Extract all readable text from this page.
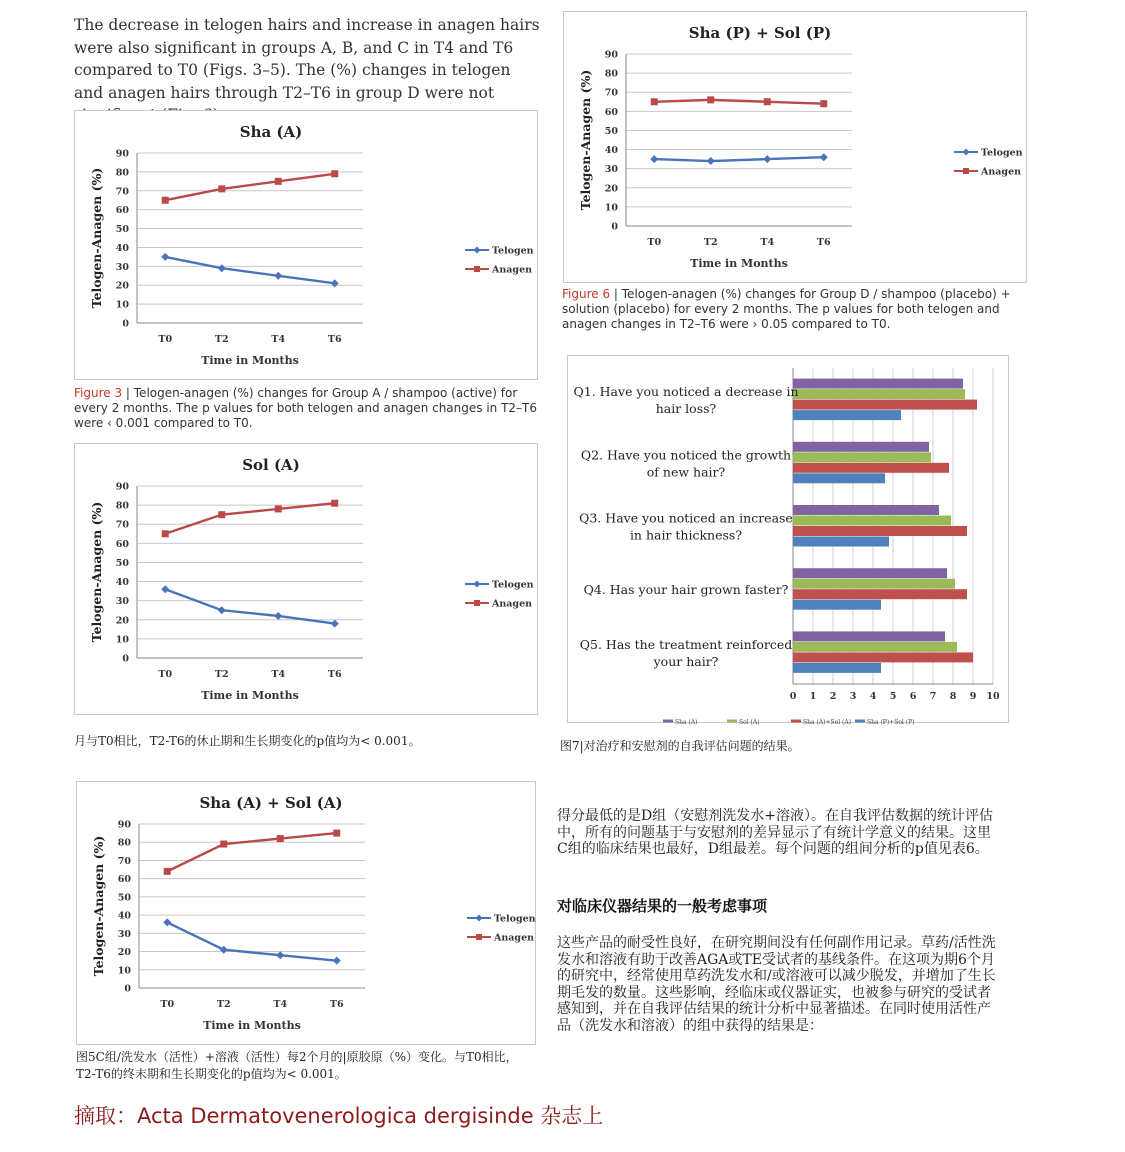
The decrease in telogen hairs and increase in anagen hairs were also significant in groups A, B, and C in T4 and T6 compared to T0 (Figs. 3–5). The (%) changes in telogen and anagen hairs through T2–T6 in group D were not
Sha (A)
0
10
20
30
40
50
60
70
80
90
T0	T2	T4	T6
Time in Months
Telogen-Anagen (%)	Telogen
Anagen
Figure 3 | Telogen-anagen (%) changes for Group A / shampoo (active) for every 2 months. The p values for both telogen and anagen changes in T2–T6 were ‹ 0.001 compared to T0.
Sol (A)
0
10
20
30
40
50
60
70
80
90
T0	T2	T4	T6
Time in Months
Telogen-Anagen (%)	Telogen
Anagen
月与T0相比，T2-T6的休止期和生长期变化的p值均为< 0.001。
Sha (A) + Sol (A)
0
10
20
30
40
50
60
70
80
90
T0	T2	T4	T6
Time in Months
Telogen-Anagen (%)	Telogen
Anagen
图5C组/洗发水（活性）+溶液（活性）每2个月的|原胶原（%）变化。与T0相比，T2-T6的终末期和生长期变化的p值均为< 0.001。
Sha (P) + Sol (P)
0
10
20
30
40
50
60
70
80
90
T0	T2	T4	T6
Time in Months
Telogen-Anagen (%)	Telogen
Anagen
Figure 6 | Telogen-anagen (%) changes for Group D / shampoo (placebo) + solution (placebo) for every 2 months. The p values for both telogen and anagen changes in T2–T6 were › 0.05 compared to T0.
0 1 2 3 4 5 6 7 8 9 10
Q1. Have you noticed a decrease in
hair loss?
Q2. Have you noticed the growth
of new hair?
Q3. Have you noticed an increase
in hair thickness?
Q4. Has your hair grown faster?
Q5. Has the treatment reinforced
your hair?
Sha (A)	Sol (A)	Sha (A)+Sol (A)	Sha (P)+Sol (P)
图7|对治疗和安慰剂的自我评估问题的结果。
得分最低的是D组（安慰剂洗发水+溶液）。在自我评估数据的统计评估中，所有的问题基于与安慰剂的差异显示了有统计学意义的结果。这里C组的临床结果也最好，D组最差。每个问题的组间分析的p值见表6。
对临床仪器结果的一般考虑事项
这些产品的耐受性良好，在研究期间没有任何副作用记录。草药/活性洗发水和溶液有助于改善AGA或TE受试者的基线条件。在这项为期6个月的研究中，经常使用草药洗发水和/或溶液可以减少脱发，并增加了生长期毛发的数量。这些影响，经临床或仪器证实，也被参与研究的受试者感知到，并在自我评估结果的统计分析中显著描述。在同时使用活性产品（洗发水和溶液）的组中获得的结果是：
摘取：Acta Dermatovenerologica dergisinde 杂志上
